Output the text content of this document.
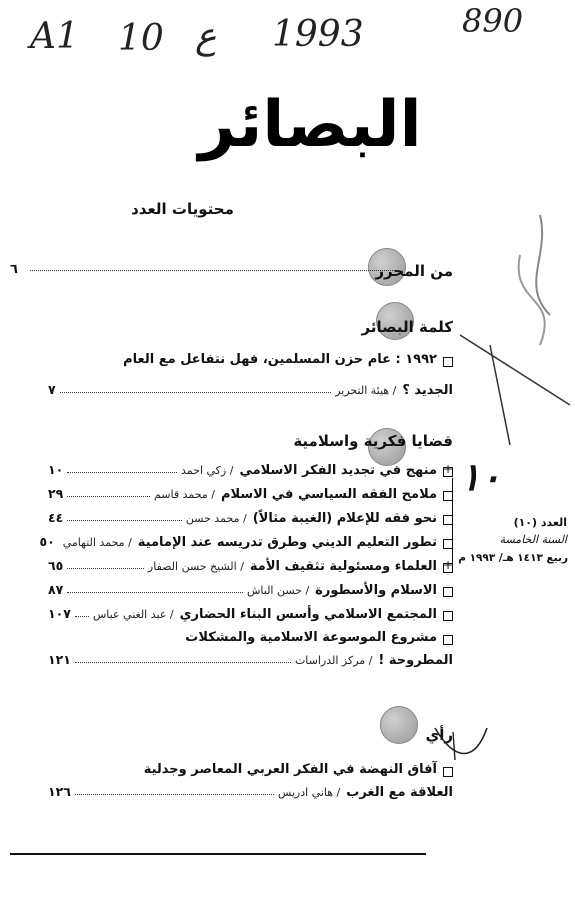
A1 10 ع 1993	890
البصائر
محتويات العدد
من المحرر
٦
كلمة البصائر
١٩٩٢ : عام حزن المسلمين، فهل نتفاعل مع العام
الجديد ؟
/ هيئة التحرير
٧
قضايا فكرية واسلامية
منهج في تجديد الفكر الاسلامي
/ زكي احمد
١٠
ملامح الفقه السياسي في الاسلام
/ محمد قاسم
٢٩
نحو فقه للإعلام (الغيبة مثالاً)
/ محمد حسن
٤٤
تطور التعليم الديني وطرق تدريسه عند الإمامية
/ محمد التهامي
٥٠
العلماء ومسئولية تثقيف الأمة
/ الشيخ حسن الصفار
٦٥
الاسلام والأسطورة
/ حسن الباش
٨٧
المجتمع الاسلامي وأسس البناء الحضاري
/ عبد الغني عباس
١٠٧
مشروع الموسوعة الاسلامية والمشكلات
المطروحة !
/ مركز الدراسات
١٢١
١٠
العدد (١٠)
السنة الخامسة
ربيع ١٤١٣ هـ/ ١٩٩٣ م
+
+
رأي
آفاق النهضة في الفكر العربي المعاصر وجدلية
العلاقة مع الغرب
/ هاني ادريس
١٢٦
